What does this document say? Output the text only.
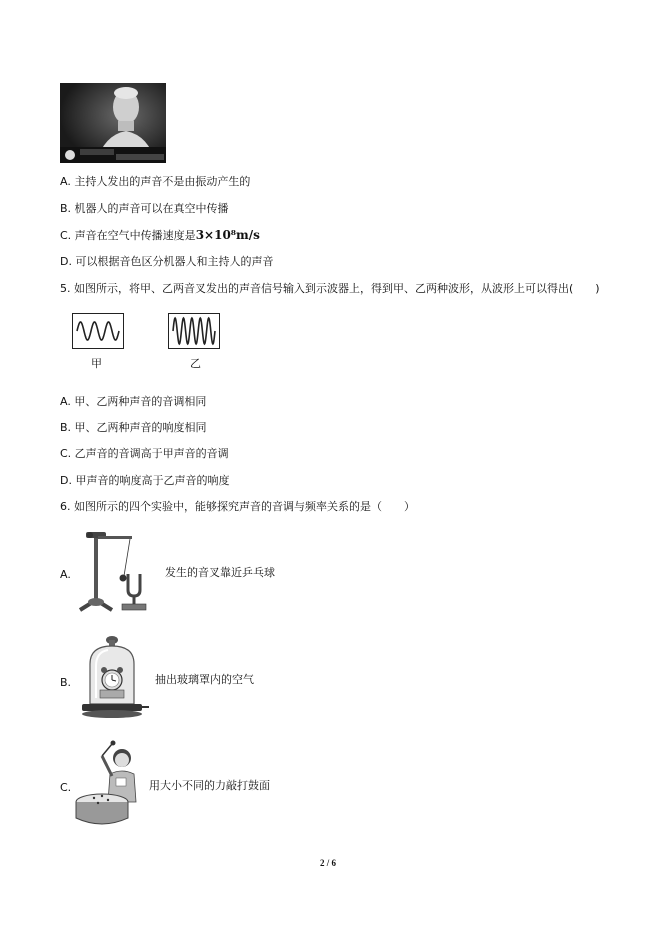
A. 主持人发出的声音不是由振动产生的
B. 机器人的声音可以在真空中传播
C. 声音在空气中传播速度是3×10⁸m/s
D. 可以根据音色区分机器人和主持人的声音
5. 如图所示，将甲、乙两音叉发出的声音信号输入到示波器上，得到甲、乙两种波形，从波形上可以得出(　　)
甲	乙
A. 甲、乙两种声音的音调相同
B. 甲、乙两种声音的响度相同
C. 乙声音的音调高于甲声音的音调
D. 甲声音的响度高于乙声音的响度
6. 如图所示的四个实验中，能够探究声音的音调与频率关系的是（　　）
A.	发生的音叉靠近乒乓球
B.	抽出玻璃罩内的空气
C.	用大小不同的力敲打鼓面
2 / 6
